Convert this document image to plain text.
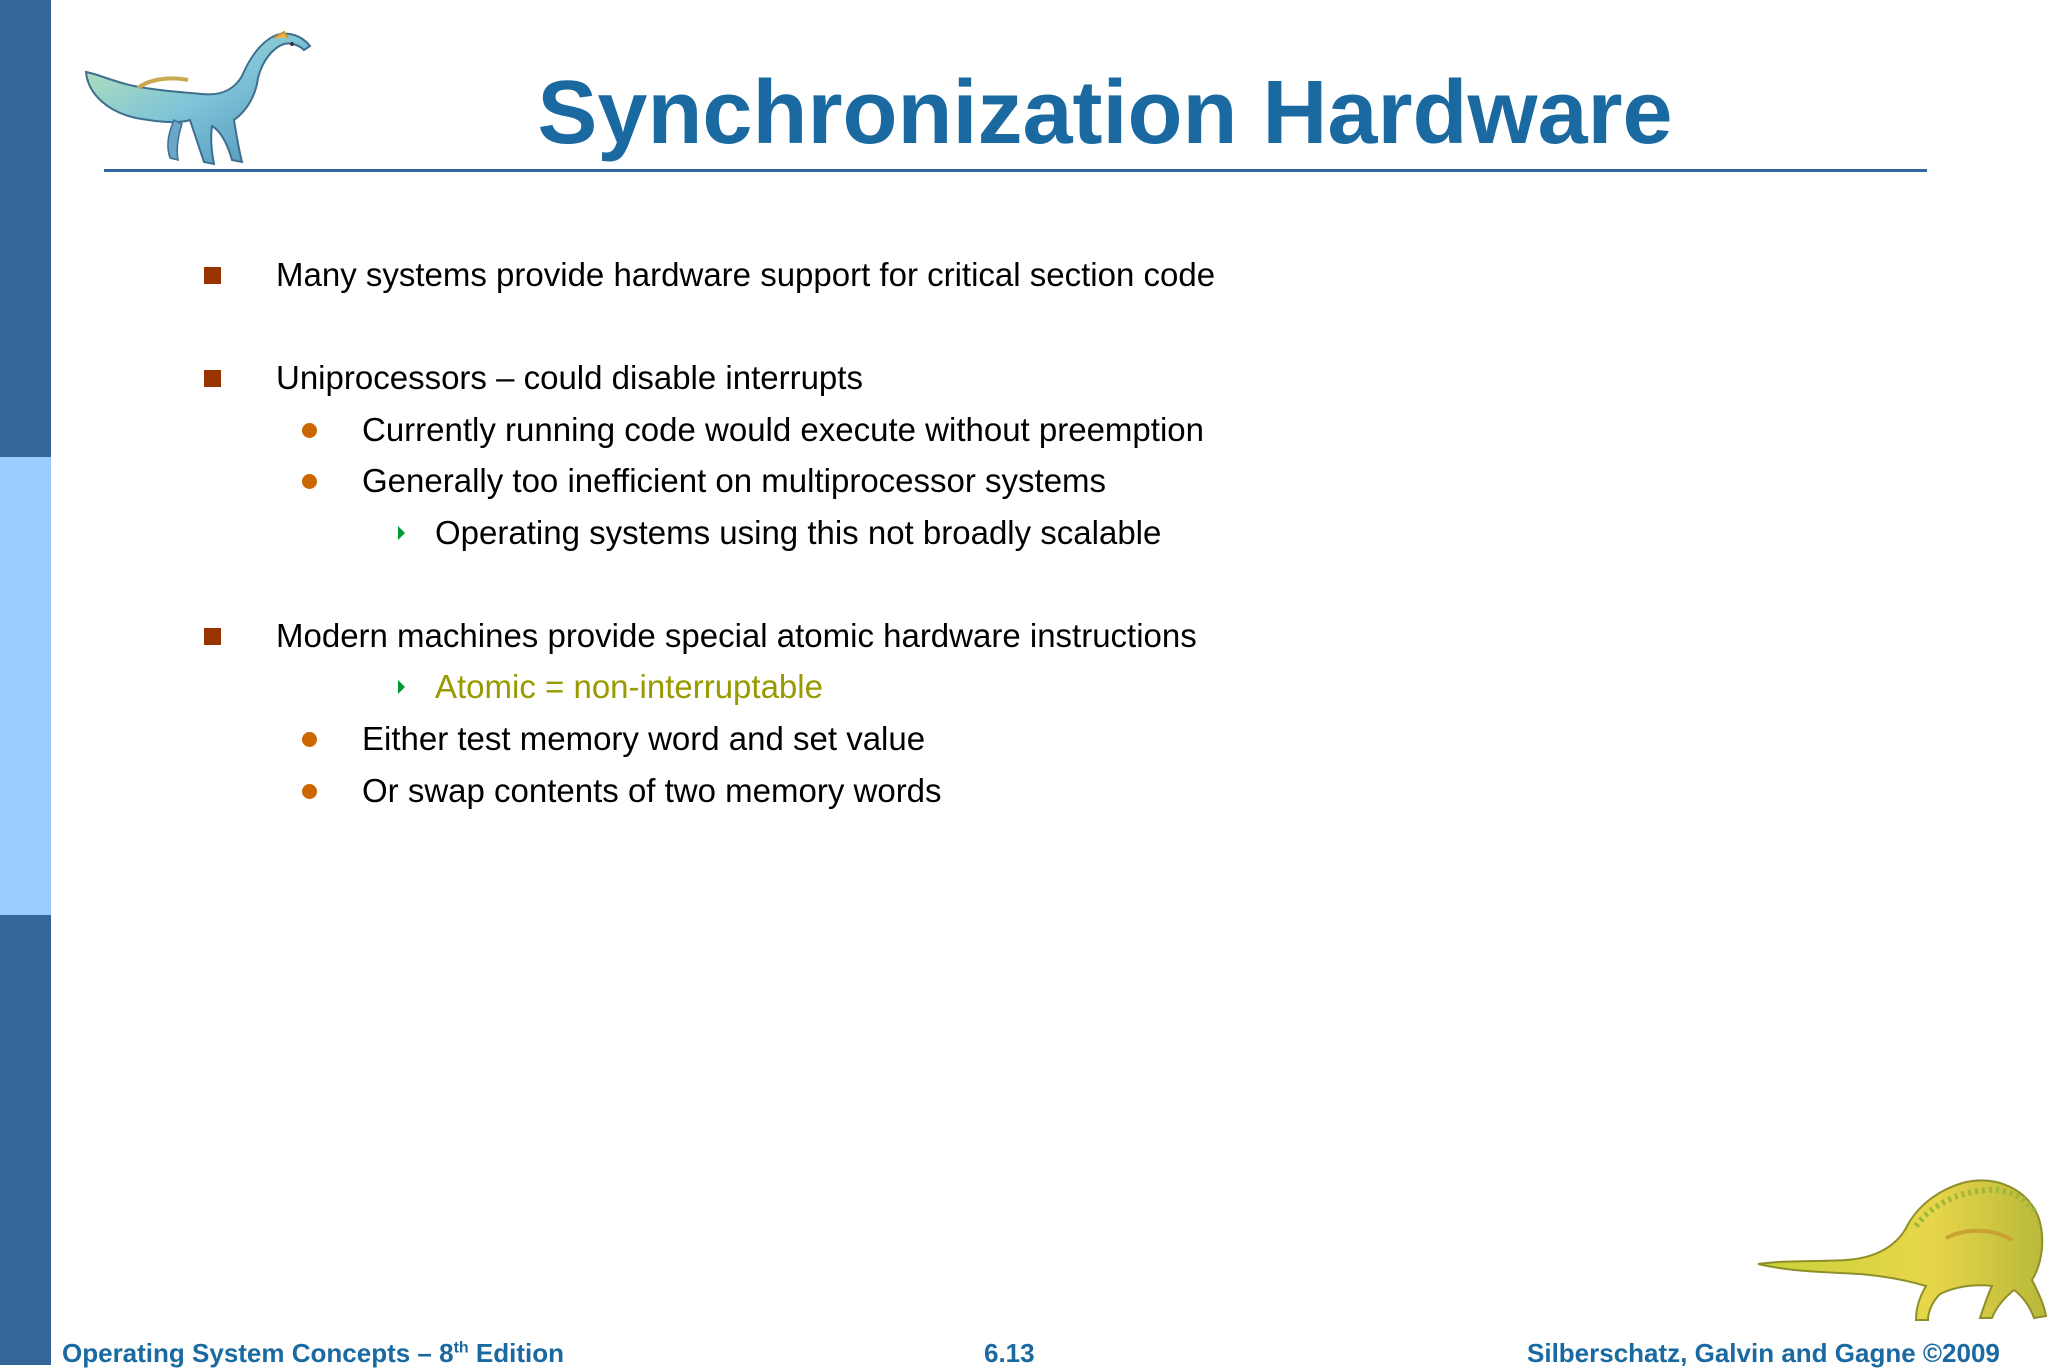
Synchronization Hardware
Many systems provide hardware support for critical section code
Uniprocessors – could disable interrupts
Currently running code would execute without preemption
Generally too inefficient on multiprocessor systems
Operating systems using this not broadly scalable
Modern machines provide special atomic hardware instructions
Atomic = non-interruptable
Either test memory word and set value
Or swap contents of two memory words
Operating System Concepts – 8th Edition	6.13	Silberschatz, Galvin and Gagne ©2009
